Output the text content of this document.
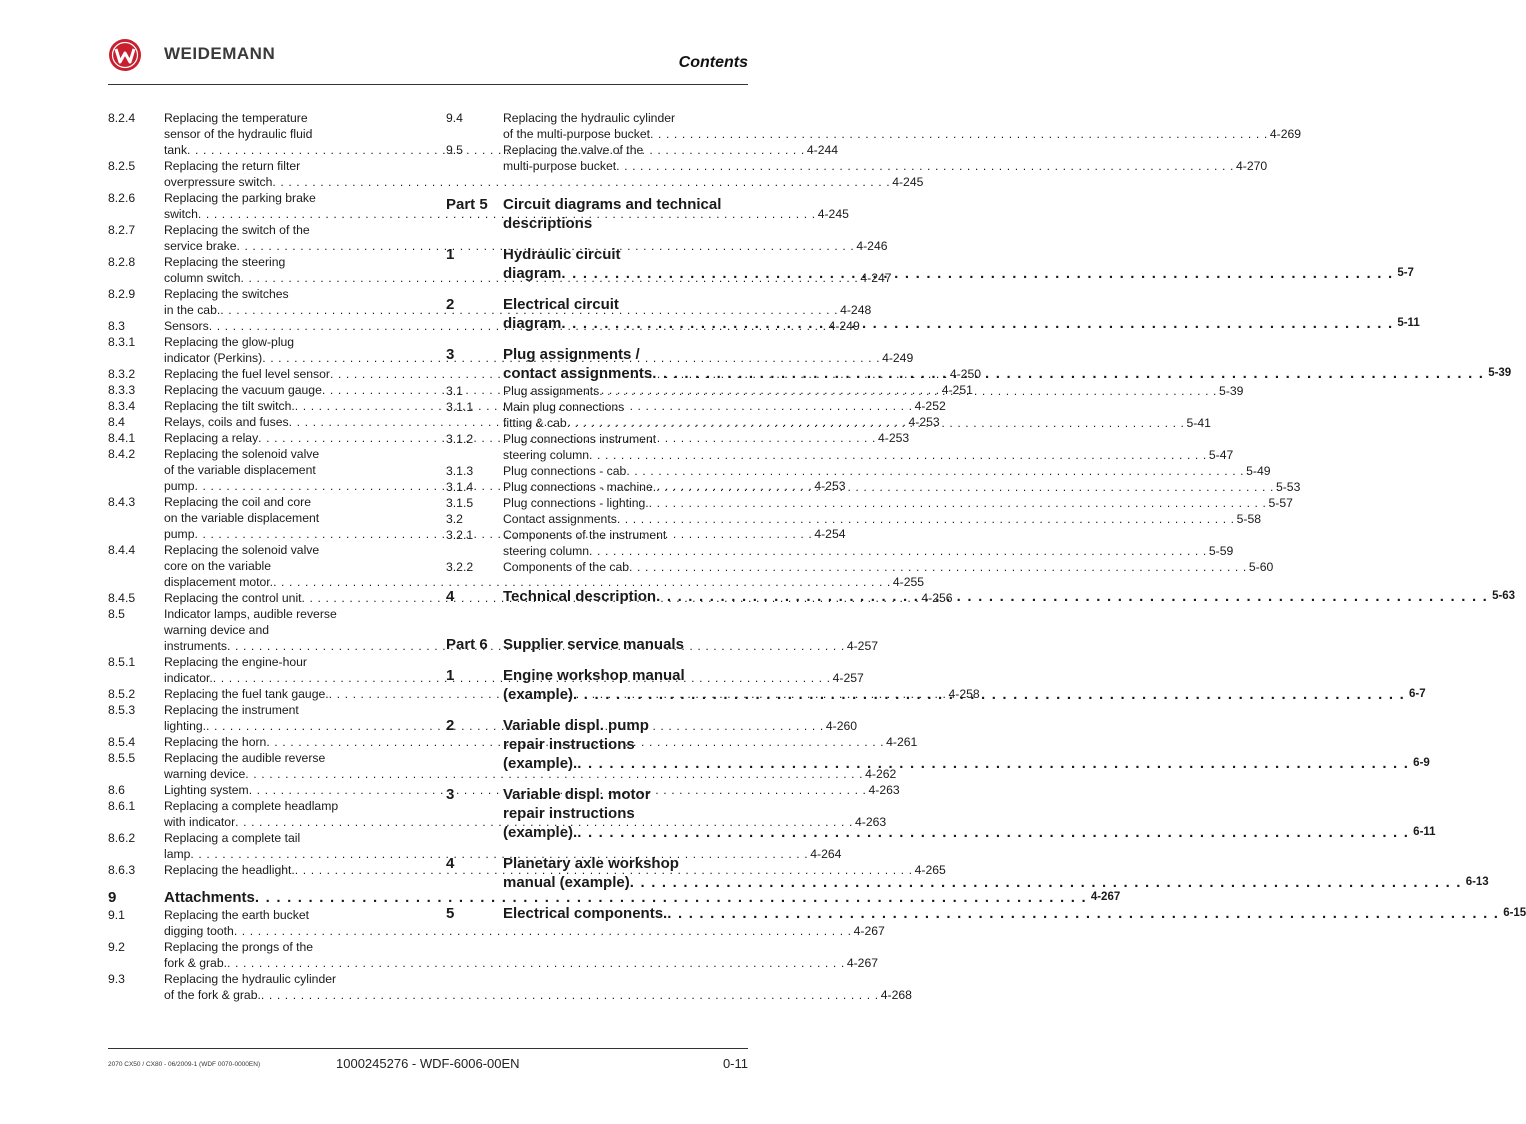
WEIDEMANN	Contents
8.2.4	Replacing the temperature
sensor of the hydraulic fluid
tank . . .	4-244
8.2.5	Replacing the return filter
overpressure switch . . .	4-245
8.2.6	Replacing the parking brake
switch . . .	4-245
8.2.7	Replacing the switch of the
service brake . . .	4-246
8.2.8	Replacing the steering
column switch . . .	4-247
8.2.9	Replacing the switches
in the cab. . . .	4-248
8.3	Sensors . . .	4-249
8.3.1	Replacing the glow-plug
indicator (Perkins) . . .	4-249
8.3.2	Replacing the fuel level sensor . . .	4-250
8.3.3	Replacing the vacuum gauge . . .	4-251
8.3.4	Replacing the tilt switch. . . .	4-252
8.4	Relays, coils and fuses . . .	4-253
8.4.1	Replacing a relay . . .	4-253
8.4.2	Replacing the solenoid valve
of the variable displacement
pump . . .	4-253
8.4.3	Replacing the coil and core
on the variable displacement
pump . . .	4-254
8.4.4	Replacing the solenoid valve
core on the variable
displacement motor. . . .	4-255
8.4.5	Replacing the control unit . . .	4-256
8.5	Indicator lamps, audible reverse
warning device and
instruments . . .	4-257
8.5.1	Replacing the engine-hour
indicator. . . .	4-257
8.5.2	Replacing the fuel tank gauge. . . .	4-258
8.5.3	Replacing the instrument
lighting. . . .	4-260
8.5.4	Replacing the horn . . .	4-261
8.5.5	Replacing the audible reverse
warning device . . .	4-262
8.6	Lighting system . . .	4-263
8.6.1	Replacing a complete headlamp
with indicator . . .	4-263
8.6.2	Replacing a complete tail
lamp . . .	4-264
8.6.3	Replacing the headlight. . . .	4-265
9	Attachments . . .	4-267
9.1	Replacing the earth bucket
digging tooth . . .	4-267
9.2	Replacing the prongs of the
fork & grab. . . .	4-267
9.3	Replacing the hydraulic cylinder
of the fork & grab. . . .	4-268
9.4	Replacing the hydraulic cylinder
of the multi-purpose bucket . . .	4-269
9.5	Replacing the valve of the
multi-purpose bucket . . .	4-270
Part 5	Circuit diagrams and technical
descriptions
1	Hydraulic circuit
diagram . . .	5-7
2	Electrical circuit
diagram . . .	5-11
3	Plug assignments /
contact assignments . . .	5-39
3.1	Plug assignments . . .	5-39
3.1.1	Main plug connections
fitting & cab . . .	5-41
3.1.2	Plug connections instrument
steering column . . .	5-47
3.1.3	Plug connections - cab . . .	5-49
3.1.4	Plug connections - machine. . . .	5-53
3.1.5	Plug connections - lighting. . . .	5-57
3.2	Contact assignments . . .	5-58
3.2.1	Components of the instrument
steering column . . .	5-59
3.2.2	Components of the cab . . .	5-60
4	Technical description . . .	5-63
Part 6	Supplier service manuals
1	Engine workshop manual
(example) . . .	6-7
2	Variable displ. pump
repair instructions
(example). . . .	6-9
3	Variable displ. motor
repair instructions
(example). . . .	6-11
4	Planetary axle workshop
manual (example) . . .	6-13
5	Electrical components. . . .	6-15
2070 CX50 / CX80 - 06/2009-1 (WDF 0070-0000EN)	1000245276 - WDF-6006-00EN	0-11
